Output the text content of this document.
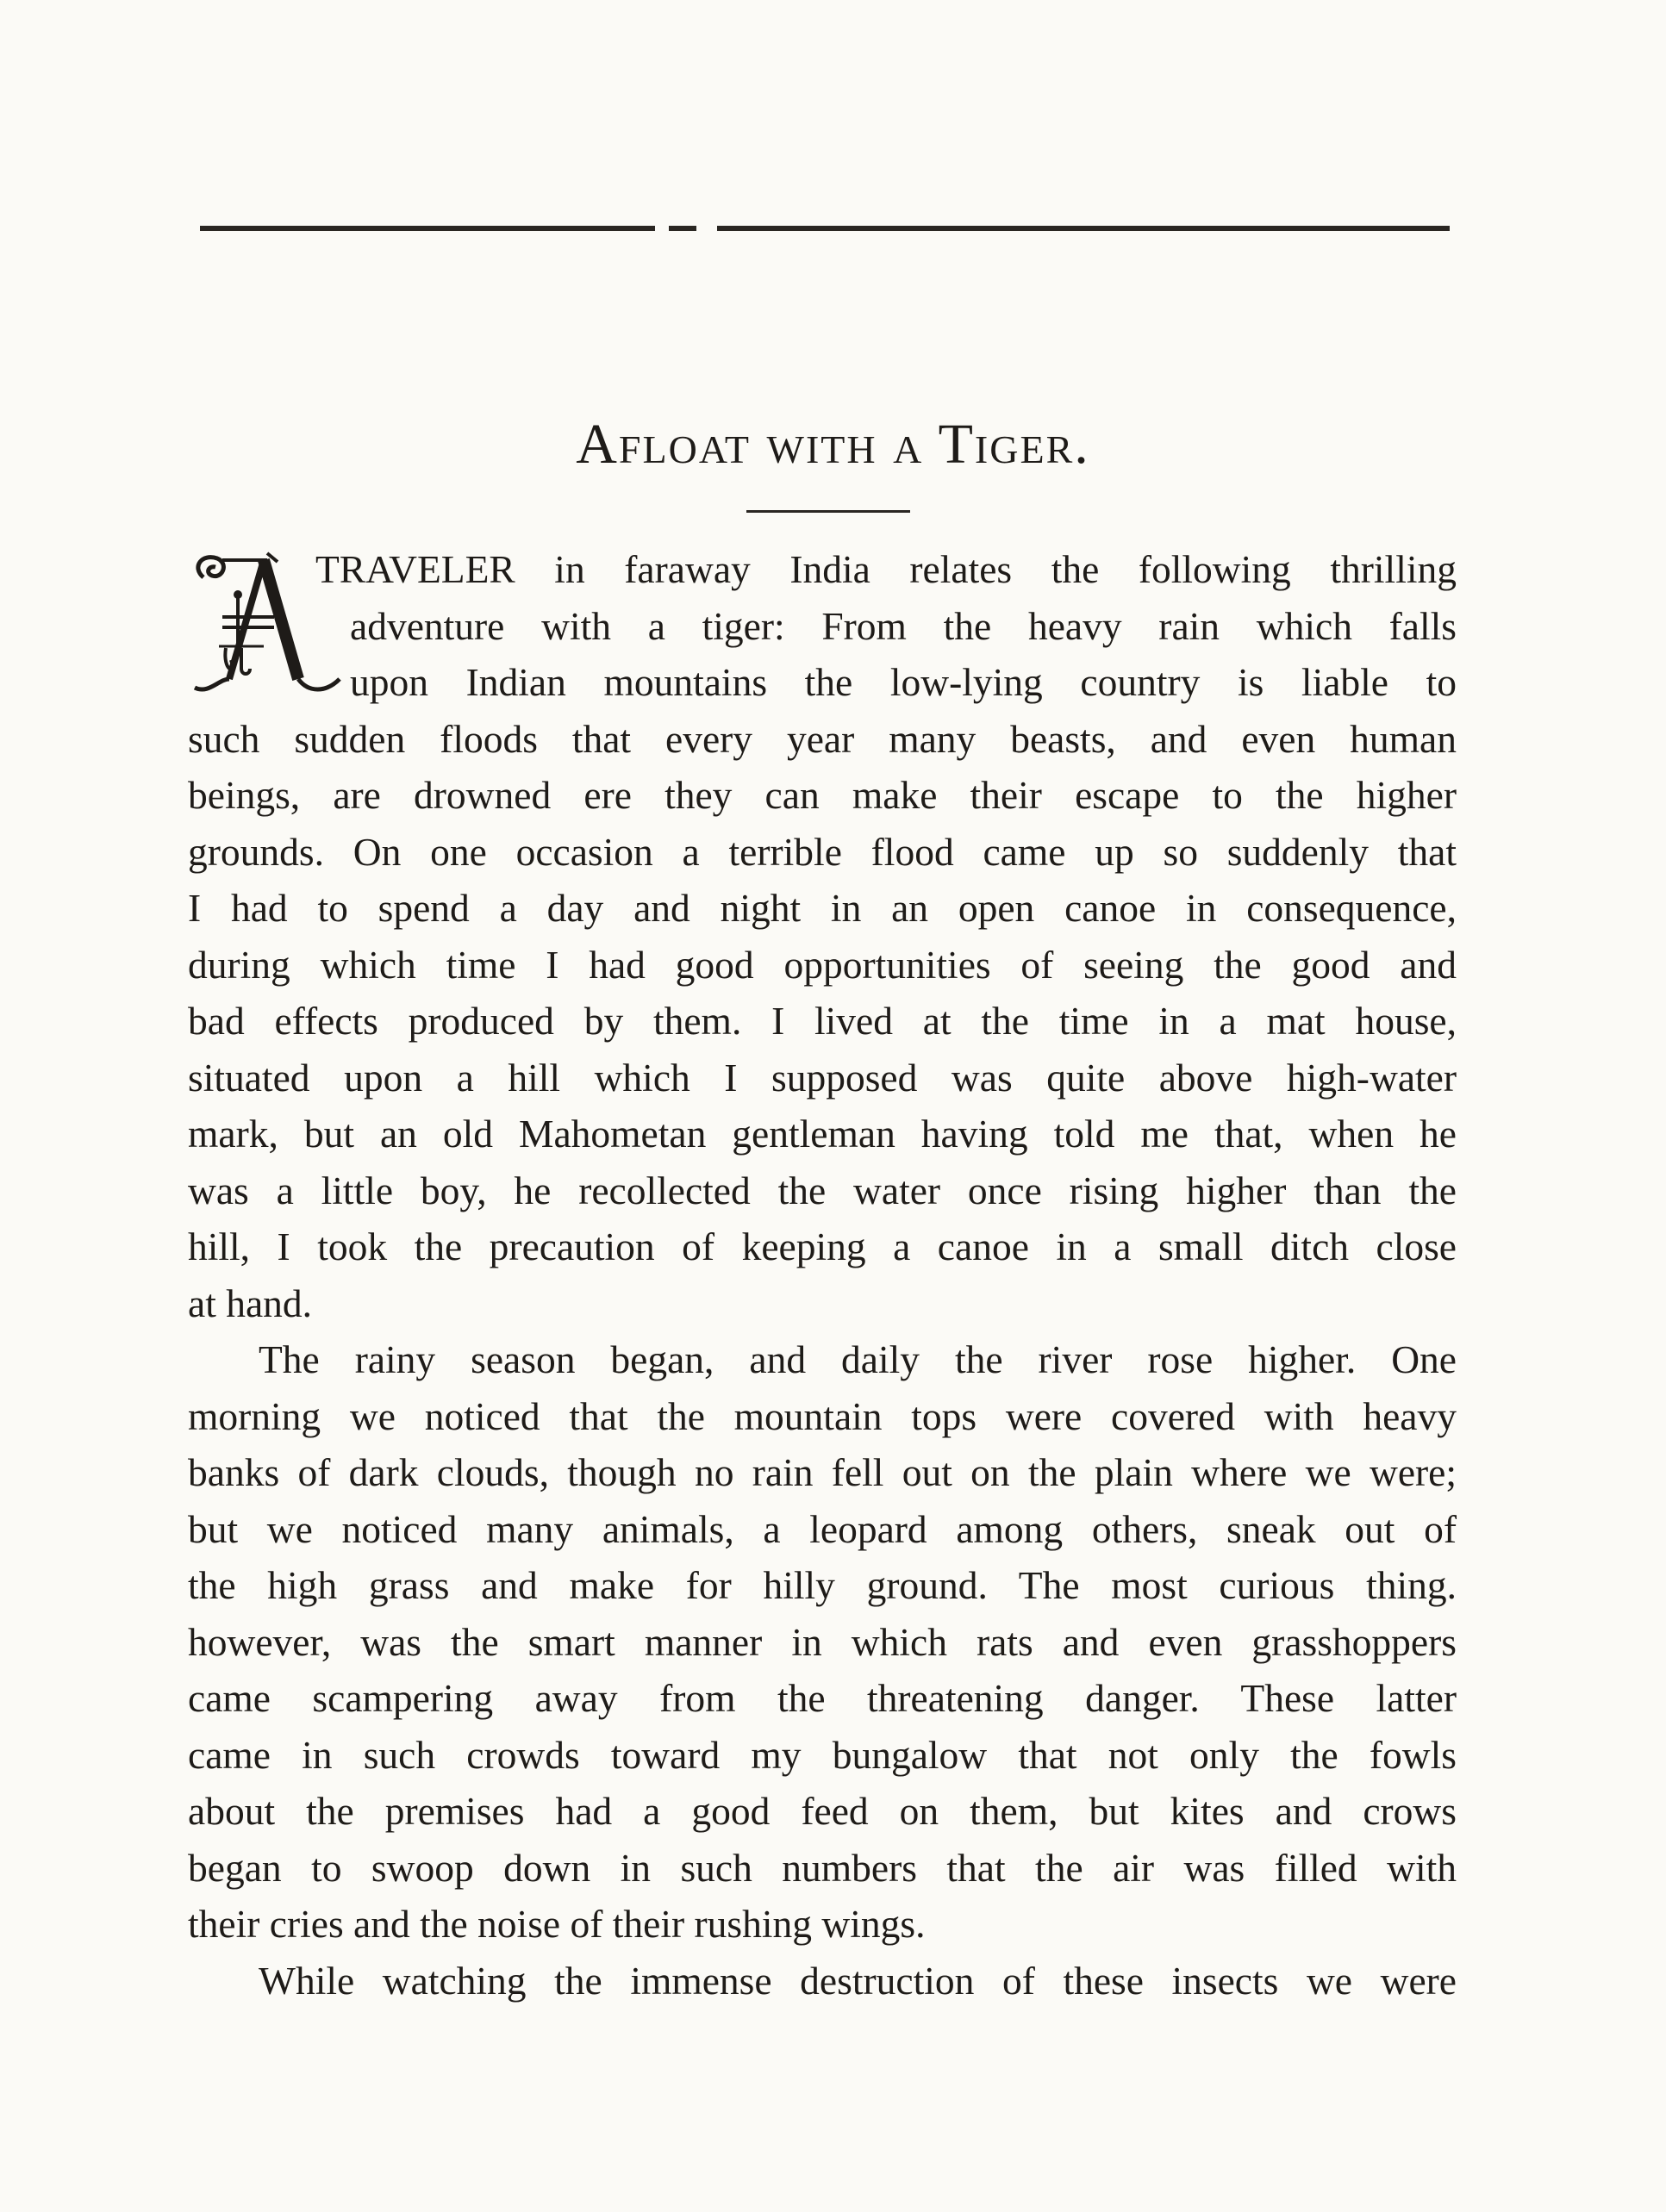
Afloat with a Tiger.
TRAVELER in faraway India relates the following thrilling
adventure with a tiger: From the heavy rain which falls
upon Indian mountains the low-lying country is liable to
such sudden floods that every year many beasts, and even human
beings, are drowned ere they can make their escape to the higher
grounds. On one occasion a terrible flood came up so suddenly that
I had to spend a day and night in an open canoe in consequence,
during which time I had good opportunities of seeing the good and
bad effects produced by them. I lived at the time in a mat house,
situated upon a hill which I supposed was quite above high-water
mark, but an old Mahometan gentleman having told me that, when he
was a little boy, he recollected the water once rising higher than the
hill, I took the precaution of keeping a canoe in a small ditch close
at hand.
The rainy season began, and daily the river rose higher. One
morning we noticed that the mountain tops were covered with heavy
banks of dark clouds, though no rain fell out on the plain where we were;
but we noticed many animals, a leopard among others, sneak out of
the high grass and make for hilly ground. The most curious thing.
however, was the smart manner in which rats and even grasshoppers
came scampering away from the threatening danger. These latter
came in such crowds toward my bungalow that not only the fowls
about the premises had a good feed on them, but kites and crows
began to swoop down in such numbers that the air was filled with
their cries and the noise of their rushing wings.
While watching the immense destruction of these insects we were
